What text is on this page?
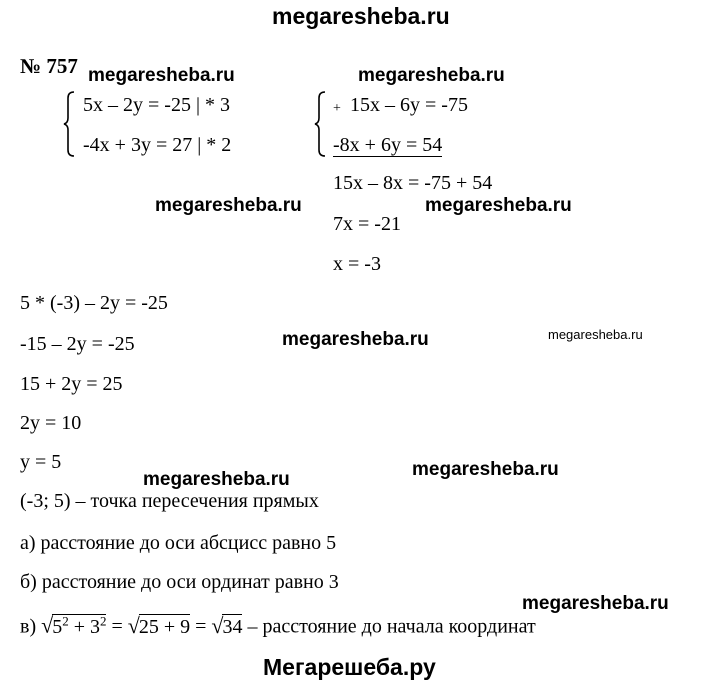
megaresheba.ru
№ 757
5x – 2y = -25 | * 3
-4x + 3y = 27 | * 2
+ 15x – 6y = -75
-8x + 6y = 54
15x – 8x = -75 + 54
7x = -21
x = -3
5 * (-3) – 2y = -25
-15 – 2y = -25
15 + 2y = 25
2y = 10
y = 5
(-3; 5) – точка пересечения прямых
а) расстояние до оси абсцисс равно 5
б) расстояние до оси ординат равно 3
в) $√5^2 + 3^2 = √25 + 9 = √34$ – расстояние до начала координат
megaresheba.ru	megaresheba.ru
megaresheba.ru	megaresheba.ru
megaresheba.ru	megaresheba.ru
megaresheba.ru	megaresheba.ru
megaresheba.ru
Мегарешеба.ру
